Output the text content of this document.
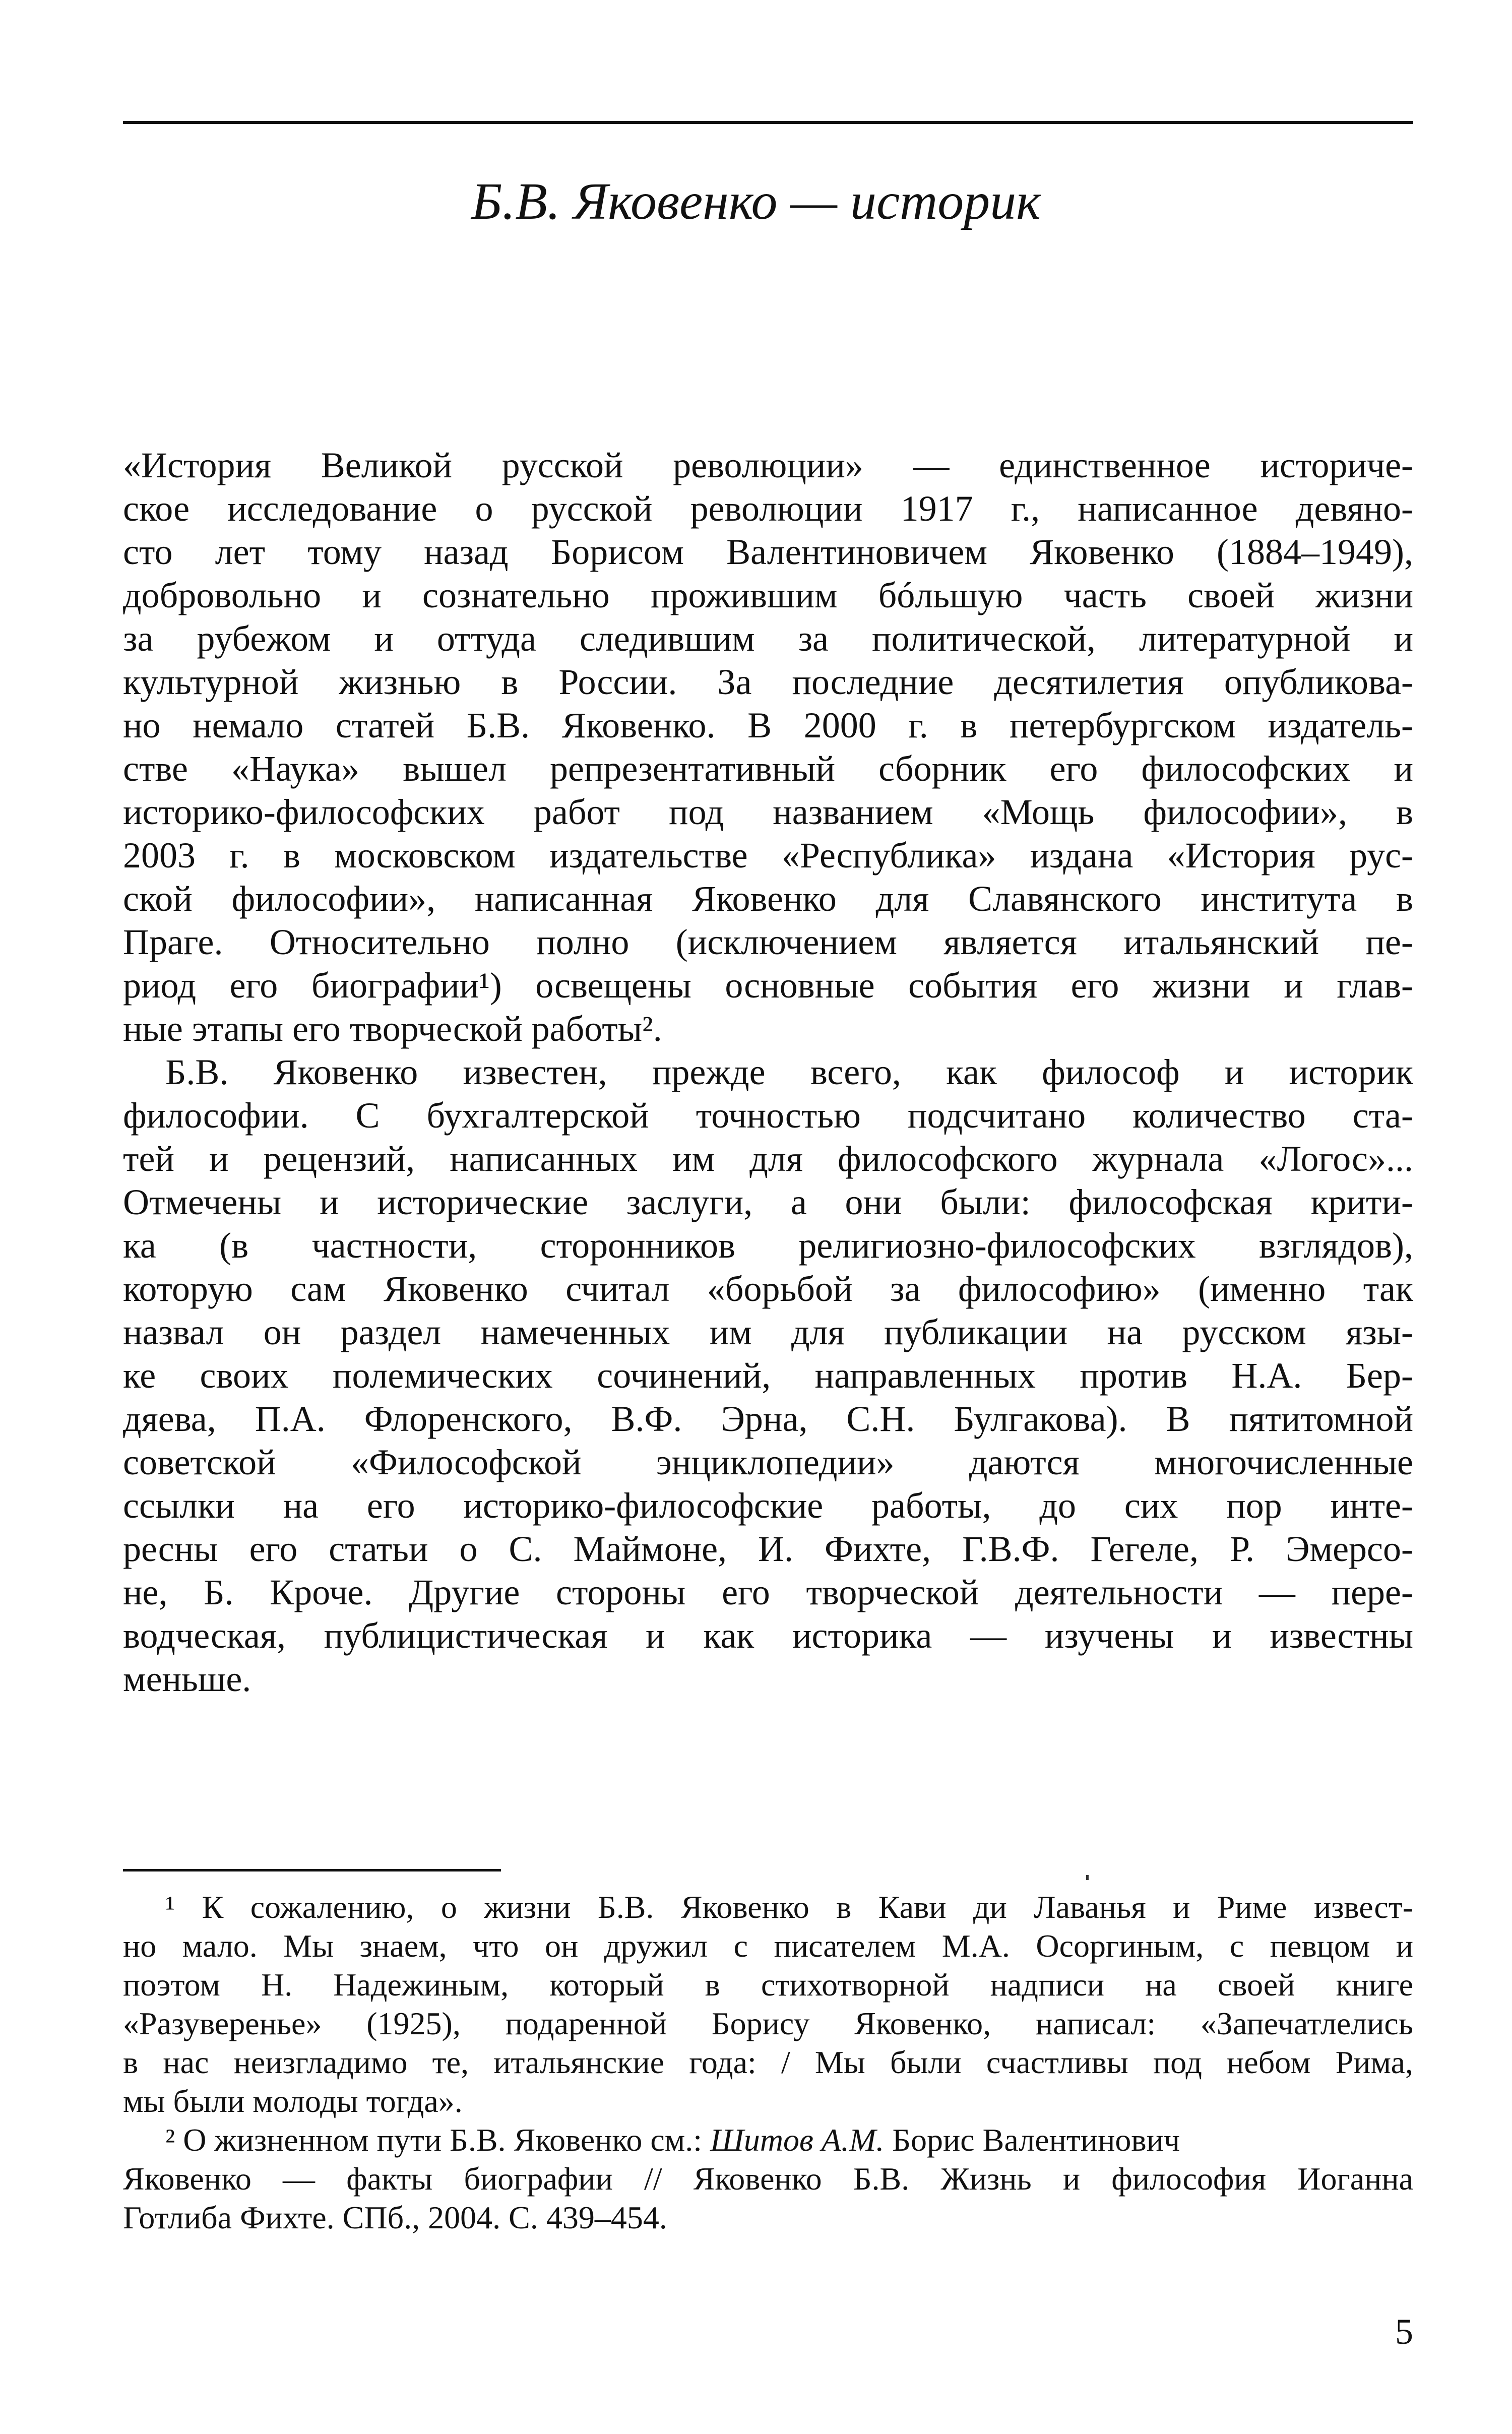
Б.В. Яковенко — историк
«История Великой русской революции» — единственное историче-
ское исследование о русской революции 1917 г., написанное девяно-
сто лет тому назад Борисом Валентиновичем Яковенко (1884–1949),
добровольно и сознательно прожившим бóльшую часть своей жизни
за рубежом и оттуда следившим за политической, литературной и
культурной жизнью в России. За последние десятилетия опубликова-
но немало статей Б.В. Яковенко. В 2000 г. в петербургском издатель-
стве «Наука» вышел репрезентативный сборник его философских и
историко-философских работ под названием «Мощь философии», в
2003 г. в московском издательстве «Республика» издана «История рус-
ской философии», написанная Яковенко для Славянского института в
Праге. Относительно полно (исключением является итальянский пе-
риод его биографии¹) освещены основные события его жизни и глав-
ные этапы его творческой работы².
Б.В. Яковенко известен, прежде всего, как философ и историк
философии. С бухгалтерской точностью подсчитано количество ста-
тей и рецензий, написанных им для философского журнала «Логос»...
Отмечены и исторические заслуги, а они были: философская крити-
ка (в частности, сторонников религиозно-философских взглядов),
которую сам Яковенко считал «борьбой за философию» (именно так
назвал он раздел намеченных им для публикации на русском язы-
ке своих полемических сочинений, направленных против Н.А. Бер-
дяева, П.А. Флоренского, В.Ф. Эрна, С.Н. Булгакова). В пятитомной
советской «Философской энциклопедии» даются многочисленные
ссылки на его историко-философские работы, до сих пор инте-
ресны его статьи о С. Маймоне, И. Фихте, Г.В.Ф. Гегеле, Р. Эмерсо-
не, Б. Кроче. Другие стороны его творческой деятельности — пере-
водческая, публицистическая и как историка — изучены и известны
меньше.
¹ К сожалению, о жизни Б.В. Яковенко в Кави ди Лаванья и Риме извест-
но мало. Мы знаем, что он дружил с писателем М.А. Осоргиным, с певцом и
поэтом Н. Надежиным, который в стихотворной надписи на своей книге
«Разуверенье» (1925), подаренной Борису Яковенко, написал: «Запечатлелись
в нас неизгладимо те, итальянские года: / Мы были счастливы под небом Рима,
мы были молоды тогда».
² О жизненном пути Б.В. Яковенко см.: Шитов А.М. Борис Валентинович
Яковенко — факты биографии // Яковенко Б.В. Жизнь и философия Иоганна
Готлиба Фихте. СПб., 2004. С. 439–454.
5
